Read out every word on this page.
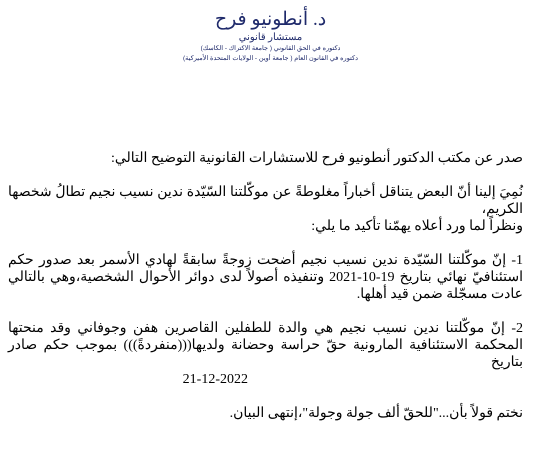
د. أنطونيو فرح
مستشار قانوني
دكتوره في الحق القانوني ( جامعة الاكتراك - الكاسك)
دكتوره في القانون العام ( جامعة أوين - الولايات المتحدة الأميركية)

صدر عن مكتب الدكتور أنطونيو فرح للاستشارات القانونية التوضيح التالي:

نُمِيَ إلينا أنّ البعض يتناقل أخباراً مغلوطةً عن موكّلتنا السّيّدة ندين نسيب نجيم تطالُ شخصها الكريم،

ونظراً لما ورد أعلاه يهمّنا تأكيد ما يلي:

1- إنّ موكّلتنا السّيّدة ندين نسيب نجيم أضحت زوجةً سابقةً لهادي الأسمر بعد صدور حكم استئنافيّ نهائي بتاريخ 19-10-2021 وتنفيذه أصولاً لدى دوائر الأحوال الشخصية،وهي بالتالي عادت مسجّلة ضمن قيد أهلها.

2- إنّ موكّلتنا ندين نسيب نجيم هي والدة للطفلين القاصرين هفن وجوفاني وقد منحتها المحكمة الاستئنافية المارونية حقّ حراسة وحضانة ولديها(((منفردةً))) بموجب حكم صادر بتاريخ

21-12-2022

نختم قولاً بأن..."للحقّ ألف جولة وجولة"،إنتهى البيان.
